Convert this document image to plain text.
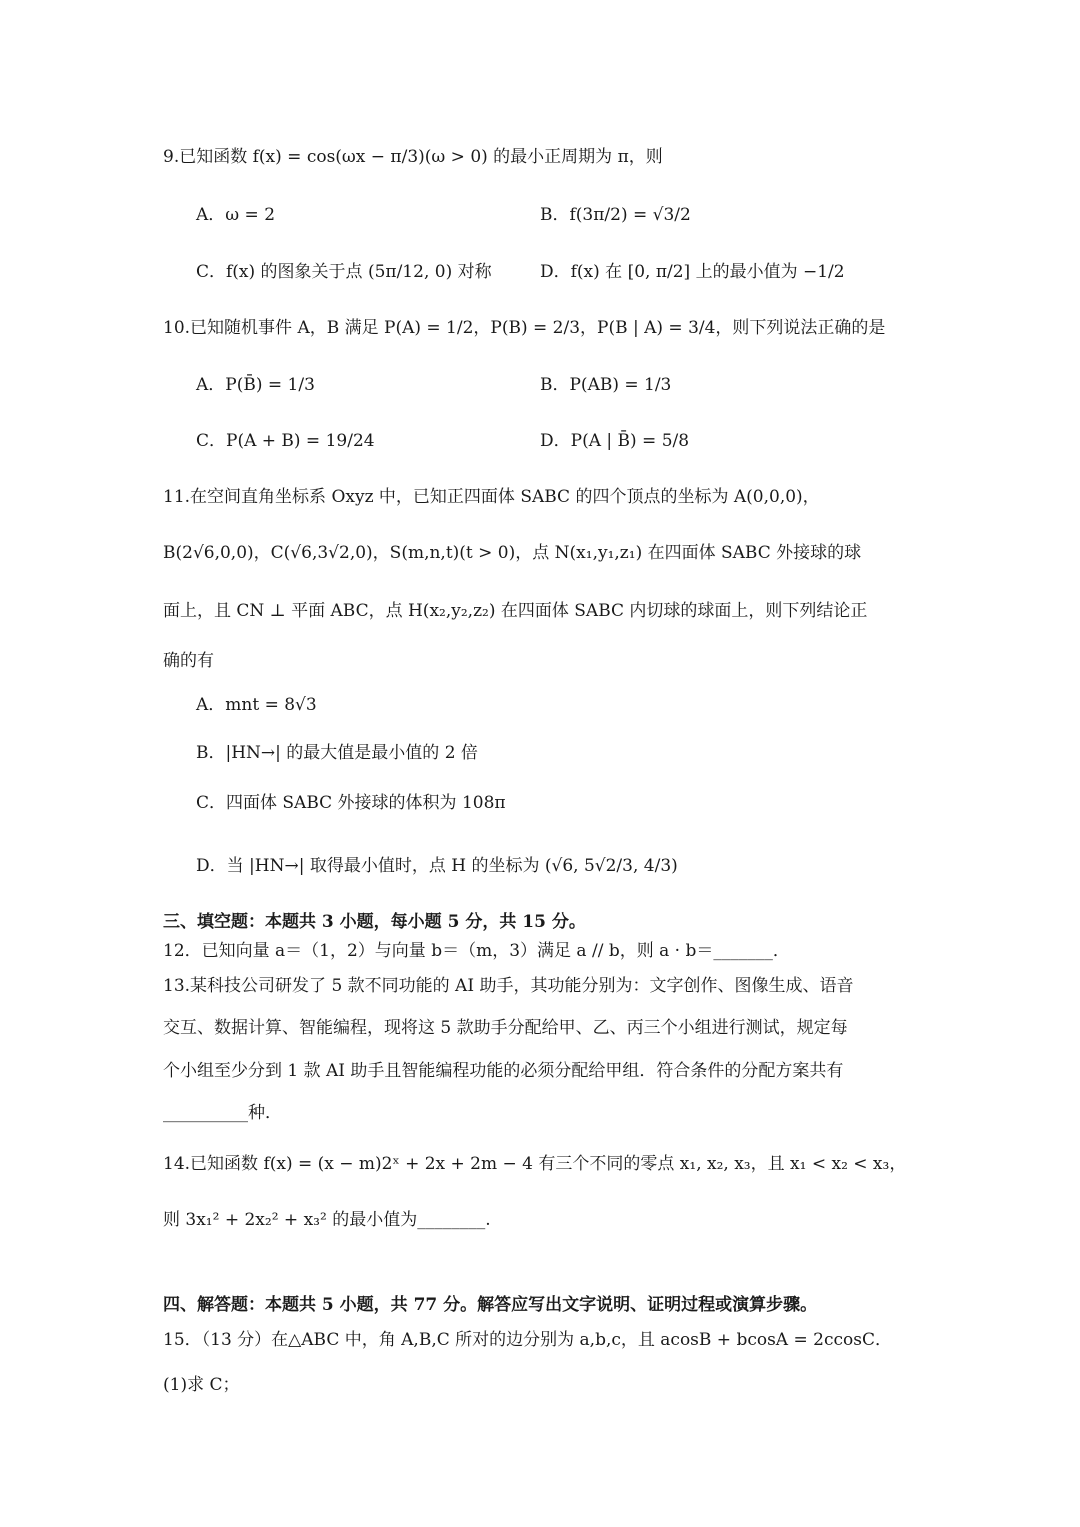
9.已知函数 f(x) = cos(ωx − π/3)(ω > 0) 的最小正周期为 π，则
A．ω = 2	B．f(3π/2) = √3/2
C．f(x) 的图象关于点 (5π/12, 0) 对称	D．f(x) 在 [0, π/2] 上的最小值为 −1/2
10.已知随机事件 A，B 满足 P(A) = 1/2，P(B) = 2/3，P(B | A) = 3/4，则下列说法正确的是
A．P(B̄) = 1/3	B．P(AB) = 1/3
C．P(A + B) = 19/24	D．P(A | B̄) = 5/8
11.在空间直角坐标系 Oxyz 中，已知正四面体 SABC 的四个顶点的坐标为 A(0,0,0)，
B(2√6,0,0)，C(√6,3√2,0)，S(m,n,t)(t > 0)，点 N(x₁,y₁,z₁) 在四面体 SABC 外接球的球
面上，且 CN ⊥ 平面 ABC，点 H(x₂,y₂,z₂) 在四面体 SABC 内切球的球面上，则下列结论正
确的有
A．mnt = 8√3
B．|HN→| 的最大值是最小值的 2 倍
C．四面体 SABC 外接球的体积为 108π
D．当 |HN→| 取得最小值时，点 H 的坐标为 (√6, 5√2/3, 4/3)
三、填空题：本题共 3 小题，每小题 5 分，共 15 分。
12．已知向量 a＝（1，2）与向量 b＝（m，3）满足 a // b，则 a · b＝_______．
13.某科技公司研发了 5 款不同功能的 AI 助手，其功能分别为：文字创作、图像生成、语音
交互、数据计算、智能编程，现将这 5 款助手分配给甲、乙、丙三个小组进行测试，规定每
个小组至少分到 1 款 AI 助手且智能编程功能的必须分配给甲组．符合条件的分配方案共有
__________种．
14.已知函数 f(x) = (x − m)2ˣ + 2x + 2m − 4 有三个不同的零点 x₁, x₂, x₃，且 x₁ < x₂ < x₃，
则 3x₁² + 2x₂² + x₃² 的最小值为________.
四、解答题：本题共 5 小题，共 77 分。解答应写出文字说明、证明过程或演算步骤。
15．（13 分）在△ABC 中，角 A,B,C 所对的边分别为 a,b,c，且 acosB + bcosA = 2ccosC．
(1)求 C；
